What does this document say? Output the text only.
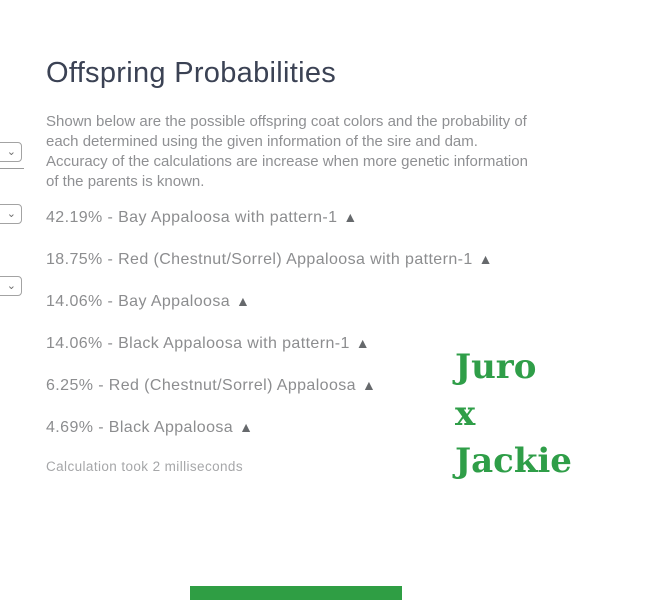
Offspring Probabilities
Shown below are the possible offspring coat colors and the probability of
each determined using the given information of the sire and dam.
Accuracy of the calculations are increase when more genetic information
of the parents is known.
⌄
⌄
⌄
42.19% - Bay Appaloosa with pattern-1 ▲
18.75% - Red (Chestnut/Sorrel) Appaloosa with pattern-1 ▲
14.06% - Bay Appaloosa ▲
14.06% - Black Appaloosa with pattern-1 ▲
6.25% - Red (Chestnut/Sorrel) Appaloosa ▲
4.69% - Black Appaloosa ▲
Calculation took 2 milliseconds
Juro
x
Jackie
